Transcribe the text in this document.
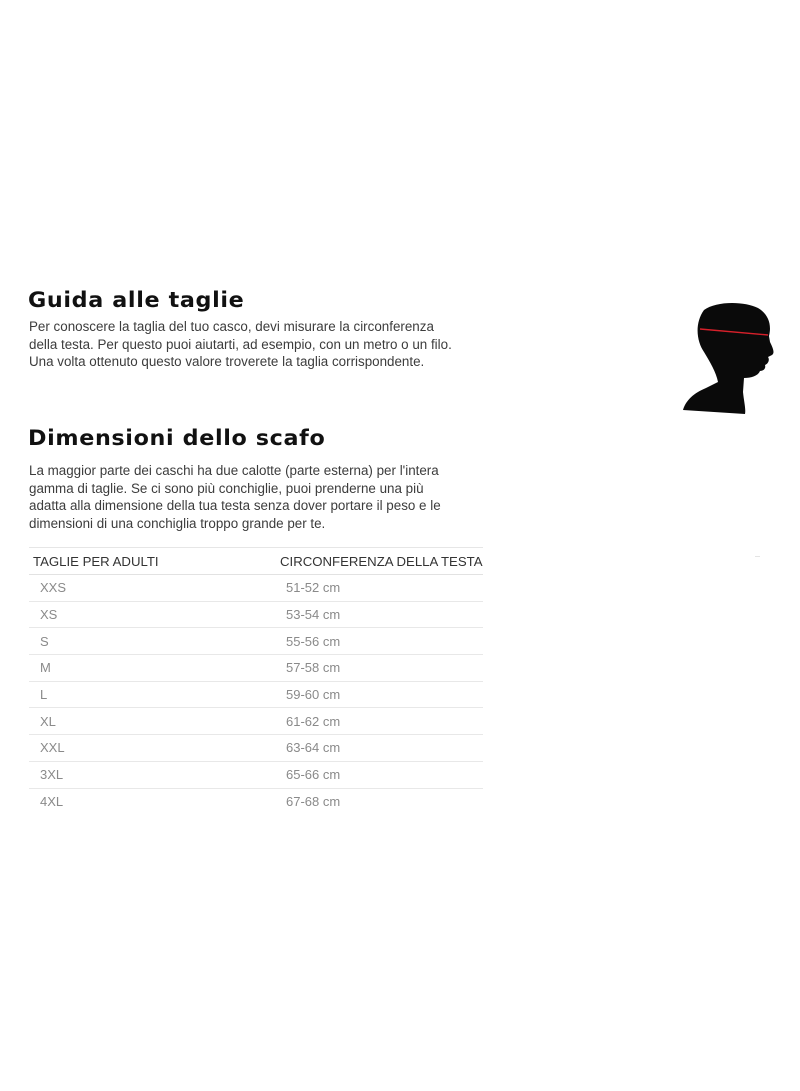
Guida alle taglie

Per conoscere la taglia del tuo casco, devi misurare la circonferenza
della testa. Per questo puoi aiutarti, ad esempio, con un metro o un filo.
Una volta ottenuto questo valore troverete la taglia corrispondente.

Dimensioni dello scafo

La maggior parte dei caschi ha due calotte (parte esterna) per l'intera
gamma di taglie. Se ci sono più conchiglie, puoi prenderne una più
adatta alla dimensione della tua testa senza dover portare il peso e le
dimensioni di una conchiglia troppo grande per te.

TAGLIE PER ADULTI	CIRCONFERENZA DELLA TESTA
XXS	51-52 cm
XS	53-54 cm
S	55-56 cm
M	57-58 cm
L	59-60 cm
XL	61-62 cm
XXL	63-64 cm
3XL	65-66 cm
4XL	67-68 cm
